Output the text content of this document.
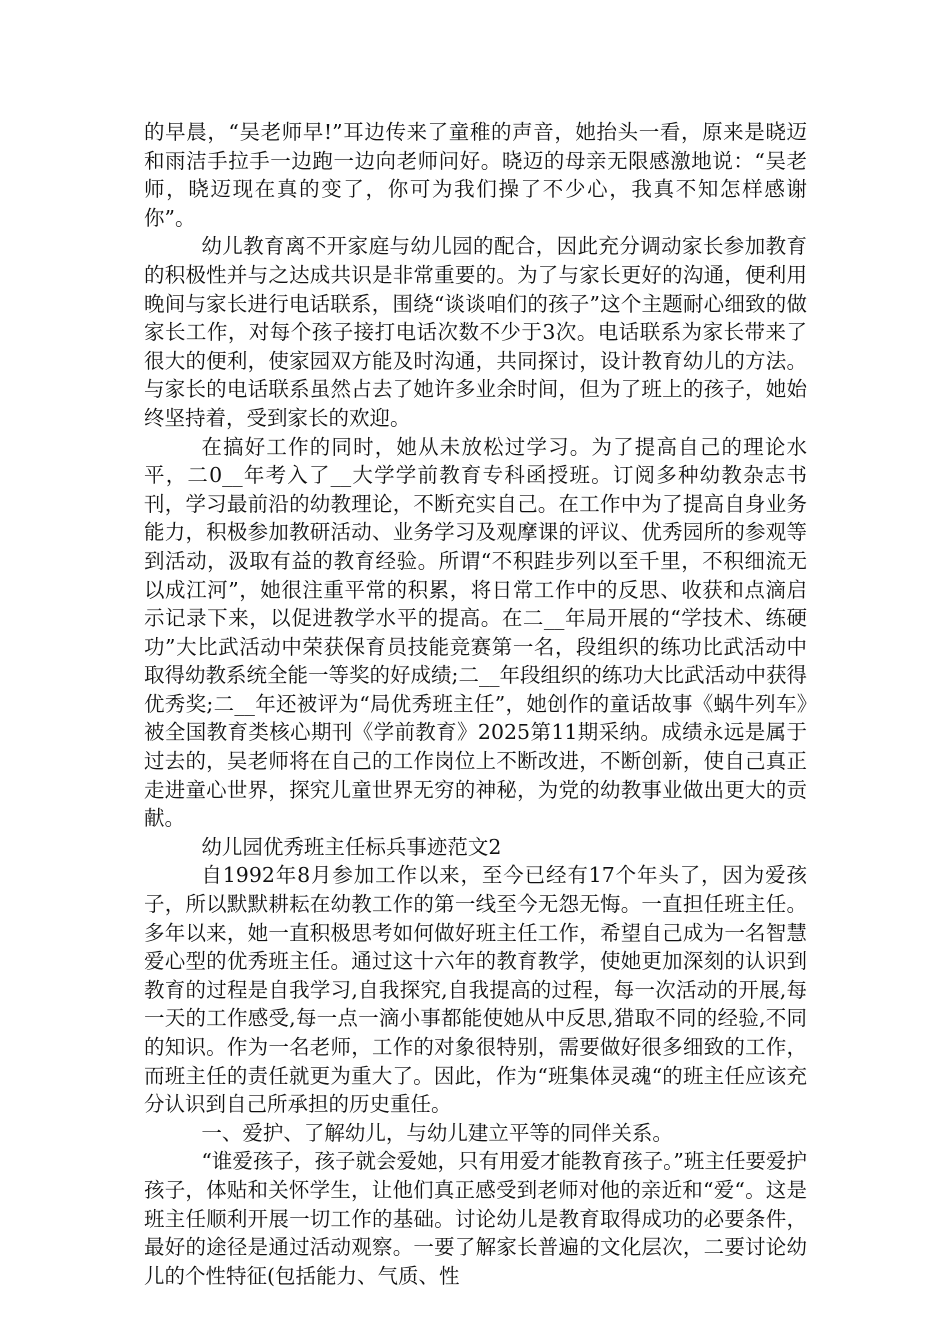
的早晨，“吴老师早!”耳边传来了童稚的声音，她抬头一看，原来是晓迈和雨洁手拉手一边跑一边向老师问好。晓迈的母亲无限感激地说：“吴老师，晓迈现在真的变了，你可为我们操了不少心，我真不知怎样感谢你”。

幼儿教育离不开家庭与幼儿园的配合，因此充分调动家长参加教育的积极性并与之达成共识是非常重要的。为了与家长更好的沟通，便利用晚间与家长进行电话联系，围绕“谈谈咱们的孩子”这个主题耐心细致的做家长工作，对每个孩子接打电话次数不少于3次。电话联系为家长带来了很大的便利，使家园双方能及时沟通，共同探讨，设计教育幼儿的方法。与家长的电话联系虽然占去了她许多业余时间，但为了班上的孩子，她始终坚持着，受到家长的欢迎。

在搞好工作的同时，她从未放松过学习。为了提高自己的理论水平，二0__年考入了__大学学前教育专科函授班。订阅多种幼教杂志书刊，学习最前沿的幼教理论，不断充实自己。在工作中为了提高自身业务能力，积极参加教研活动、业务学习及观摩课的评议、优秀园所的参观等到活动，汲取有益的教育经验。所谓“不积跬步列以至千里，不积细流无以成江河”，她很注重平常的积累，将日常工作中的反思、收获和点滴启示记录下来，以促进教学水平的提高。在二__年局开展的“学技术、练硬功”大比武活动中荣获保育员技能竞赛第一名，段组织的练功比武活动中取得幼教系统全能一等奖的好成绩;二__年段组织的练功大比武活动中获得优秀奖;二__年还被评为“局优秀班主任”，她创作的童话故事《蜗牛列车》被全国教育类核心期刊《学前教育》2025第11期采纳。成绩永远是属于过去的，吴老师将在自己的工作岗位上不断改进，不断创新，使自己真正走进童心世界，探究儿童世界无穷的神秘，为党的幼教事业做出更大的贡献。

幼儿园优秀班主任标兵事迹范文2

自1992年8月参加工作以来，至今已经有17个年头了，因为爱孩子，所以默默耕耘在幼教工作的第一线至今无怨无悔。一直担任班主任。多年以来，她一直积极思考如何做好班主任工作，希望自己成为一名智慧爱心型的优秀班主任。通过这十六年的教育教学，使她更加深刻的认识到教育的过程是自我学习,自我探究,自我提高的过程，每一次活动的开展,每一天的工作感受,每一点一滴小事都能使她从中反思,猎取不同的经验,不同的知识。作为一名老师，工作的对象很特别，需要做好很多细致的工作，而班主任的责任就更为重大了。因此，作为“班集体灵魂“的班主任应该充分认识到自己所承担的历史重任。

一、爱护、了解幼儿，与幼儿建立平等的同伴关系。

“谁爱孩子，孩子就会爱她，只有用爱才能教育孩子。”班主任要爱护孩子，体贴和关怀学生，让他们真正感受到老师对他的亲近和“爱“。这是班主任顺利开展一切工作的基础。讨论幼儿是教育取得成功的必要条件，最好的途径是通过活动观察。一要了解家长普遍的文化层次，二要讨论幼儿的个性特征(包括能力、气质、性
